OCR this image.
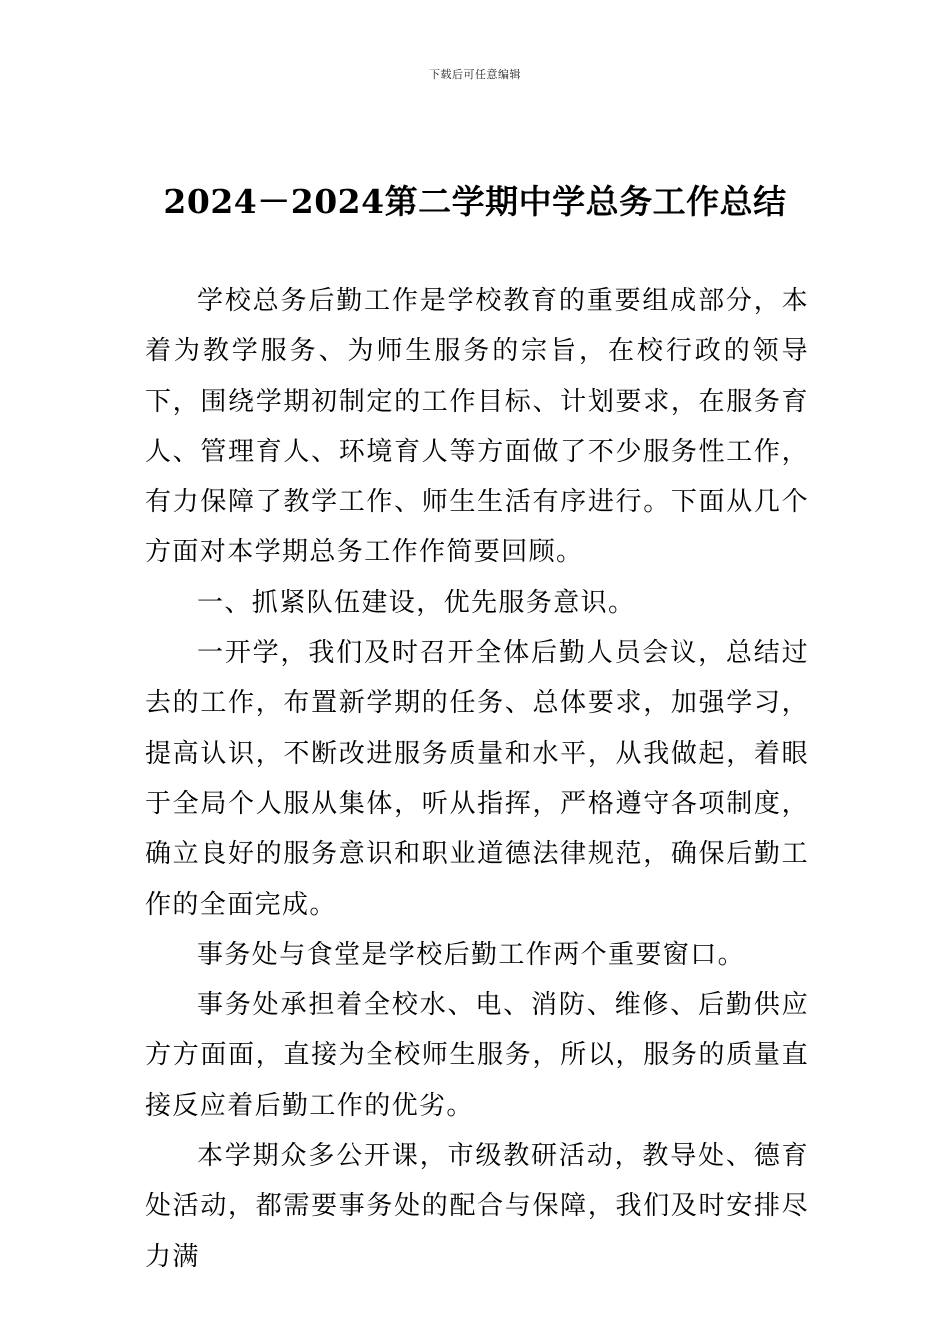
下载后可任意编辑
2024－2024第二学期中学总务工作总结

学校总务后勤工作是学校教育的重要组成部分，本着为教学服务、为师生服务的宗旨，在校行政的领导下，围绕学期初制定的工作目标、计划要求，在服务育人、管理育人、环境育人等方面做了不少服务性工作，有力保障了教学工作、师生生活有序进行。下面从几个方面对本学期总务工作作简要回顾。

一、抓紧队伍建设，优先服务意识。

一开学，我们及时召开全体后勤人员会议，总结过去的工作，布置新学期的任务、总体要求，加强学习，提高认识，不断改进服务质量和水平，从我做起，着眼于全局个人服从集体，听从指挥，严格遵守各项制度，确立良好的服务意识和职业道德法律规范，确保后勤工作的全面完成。

事务处与食堂是学校后勤工作两个重要窗口。

事务处承担着全校水、电、消防、维修、后勤供应方方面面，直接为全校师生服务，所以，服务的质量直接反应着后勤工作的优劣。

本学期众多公开课，市级教研活动，教导处、德育处活动，都需要事务处的配合与保障，我们及时安排尽力满
